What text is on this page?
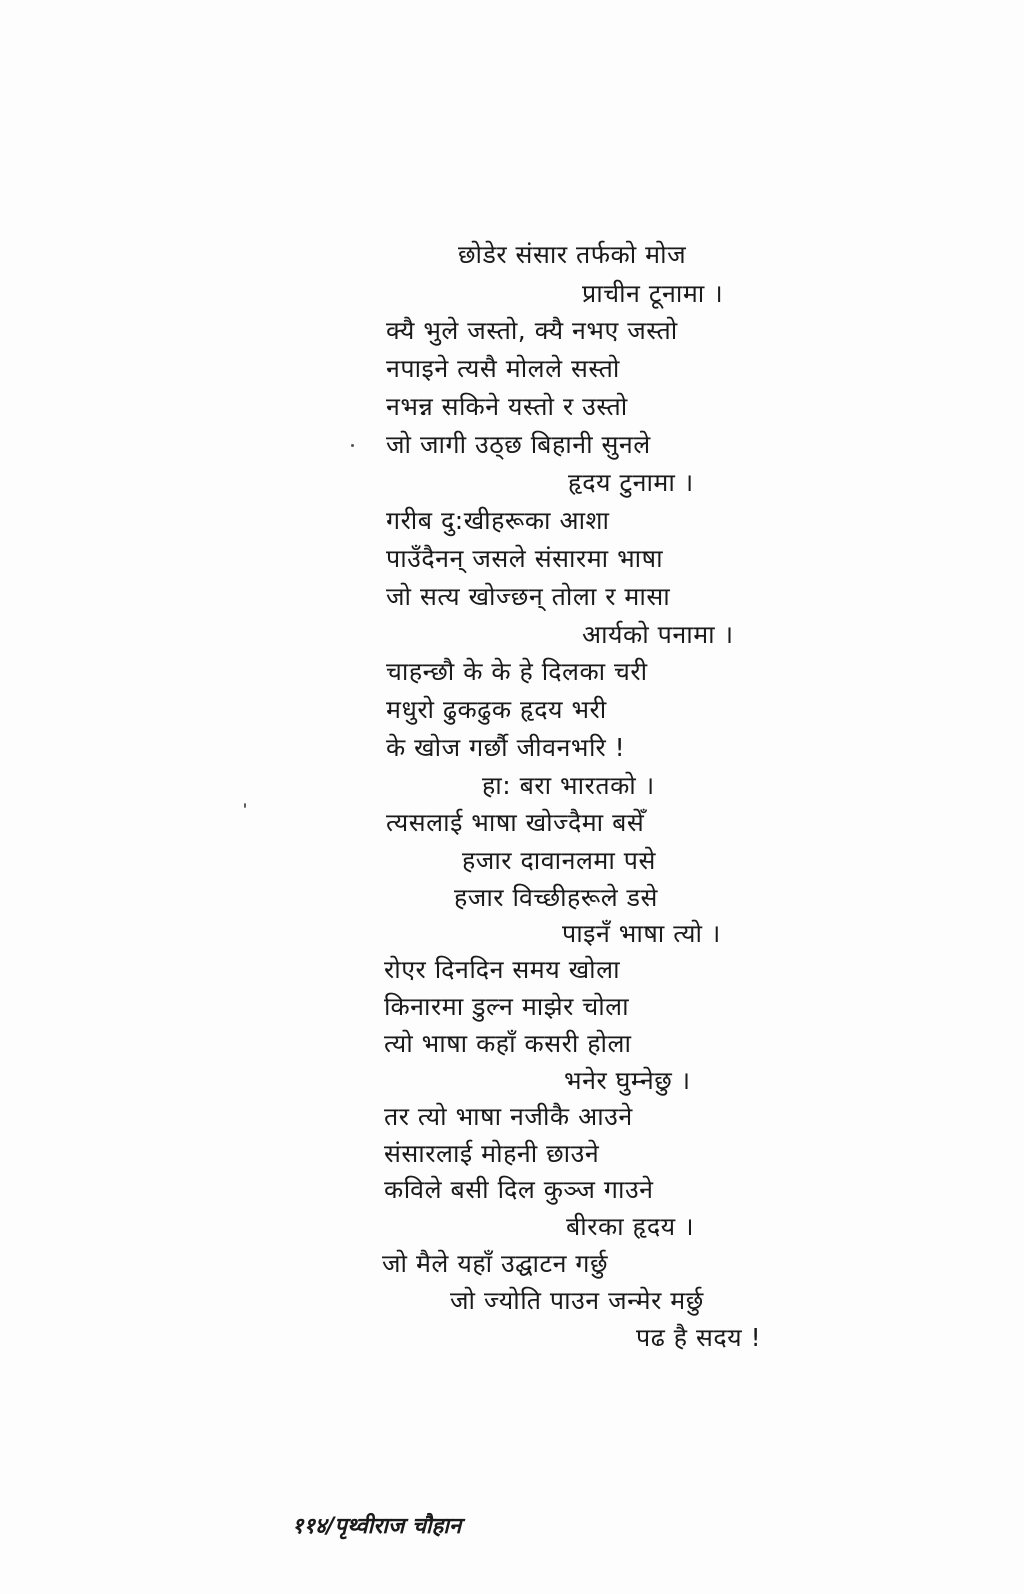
छोडेर संसार तर्फको मोज
प्राचीन टूनामा ।
क्यै भुले जस्तो, क्यै नभए जस्तो
नपाइने त्यसै मोलले सस्तो
नभन्न सकिने यस्तो र उस्तो
जो जागी उठ्छ बिहानी सुनले
हृदय टुनामा ।
गरीब दु:खीहरूका आशा
पाउँदैनन् जसले संसारमा भाषा
जो सत्य खोज्छन् तोला र मासा
आर्यको पनामा ।
चाहन्छौ के के हे दिलका चरी
मधुरो ढुकढुक हृदय भरी
के खोज गर्छौ जीवनभरि !
हा: बरा भारतको ।
त्यसलाई भाषा खोज्दैमा बसेँ
हजार दावानलमा पसे
हजार विच्छीहरूले डसे
पाइनँ भाषा त्यो ।
रोएर दिनदिन समय खोला
किनारमा डुल्न माझेर चोला
त्यो भाषा कहाँ कसरी होला
भनेर घुम्नेछु ।
तर त्यो भाषा नजीकै आउने
संसारलाई मोहनी छाउने
कविले बसी दिल कुञ्ज गाउने
बीरका हृदय ।
जो मैले यहाँ उद्घाटन गर्छु
जो ज्योति पाउन जन्मेर मर्छु
पढ है सदय !
११४/पृथ्वीराज चौहान
